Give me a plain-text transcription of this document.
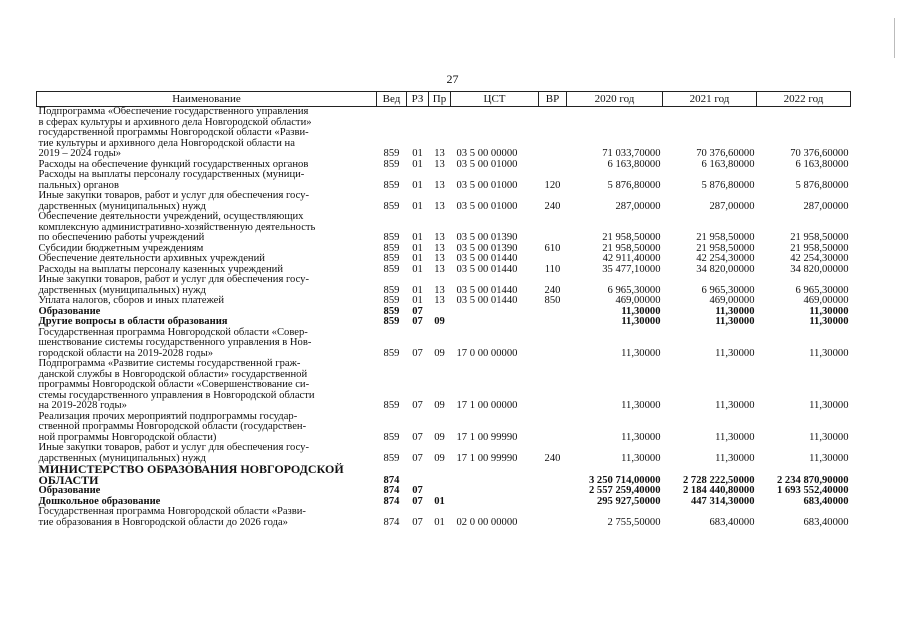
27
Наименование	Вед	РЗ	Пр	ЦСТ	ВР	2020 год	2021 год	2022 год
Подпрограмма «Обеспечение государственного управления
в сферах культуры и архивного дела Новгородской области»
государственной программы Новгородской области «Разви-
тие культуры и архивного дела Новгородской области на
2019 – 2024 годы»	859	01	13	03 5 00 00000		71 033,70000	70 376,60000	70 376,60000
Расходы на обеспечение функций государственных органов	859	01	13	03 5 00 01000		6 163,80000	6 163,80000	6 163,80000
Расходы на выплаты персоналу государственных (муници-
пальных) органов	859	01	13	03 5 00 01000	120	5 876,80000	5 876,80000	5 876,80000
Иные закупки товаров, работ и услуг для обеспечения госу-
дарственных (муниципальных) нужд	859	01	13	03 5 00 01000	240	287,00000	287,00000	287,00000
Обеспечение деятельности учреждений, осуществляющих
комплексную административно-хозяйственную деятельность
по обеспечению работы учреждений	859	01	13	03 5 00 01390		21 958,50000	21 958,50000	21 958,50000
Субсидии бюджетным учреждениям	859	01	13	03 5 00 01390	610	21 958,50000	21 958,50000	21 958,50000
Обеспечение деятельности архивных учреждений	859	01	13	03 5 00 01440		42 911,40000	42 254,30000	42 254,30000
Расходы на выплаты персоналу казенных учреждений	859	01	13	03 5 00 01440	110	35 477,10000	34 820,00000	34 820,00000
Иные закупки товаров, работ и услуг для обеспечения госу-
дарственных (муниципальных) нужд	859	01	13	03 5 00 01440	240	6 965,30000	6 965,30000	6 965,30000
Уплата налогов, сборов и иных платежей	859	01	13	03 5 00 01440	850	469,00000	469,00000	469,00000
Образование	859	07				11,30000	11,30000	11,30000
Другие вопросы в области образования	859	07	09			11,30000	11,30000	11,30000
Государственная программа Новгородской области «Совер-
шенствование системы государственного управления в Нов-
городской области на 2019-2028 годы»	859	07	09	17 0 00 00000		11,30000	11,30000	11,30000
Подпрограмма «Развитие системы государственной граж-
данской службы в Новгородской области» государственной
программы Новгородской области «Совершенствование си-
стемы государственного управления в Новгородской области
на 2019-2028 годы»	859	07	09	17 1 00 00000		11,30000	11,30000	11,30000
Реализация прочих мероприятий подпрограммы государ-
ственной программы Новгородской области (государствен-
ной программы Новгородской области)	859	07	09	17 1 00 99990		11,30000	11,30000	11,30000
Иные закупки товаров, работ и услуг для обеспечения госу-
дарственных (муниципальных) нужд	859	07	09	17 1 00 99990	240	11,30000	11,30000	11,30000
МИНИСТЕРСТВО ОБРАЗОВАНИЯ НОВГОРОДСКОЙ
ОБЛАСТИ	874					3 250 714,00000	2 728 222,50000	2 234 870,90000
Образование	874	07				2 557 259,40000	2 184 440,80000	1 693 552,40000
Дошкольное образование	874	07	01			295 927,50000	447 314,30000	683,40000
Государственная программа Новгородской области «Разви-
тие образования в Новгородской области до 2026 года»	874	07	01	02 0 00 00000		2 755,50000	683,40000	683,40000
